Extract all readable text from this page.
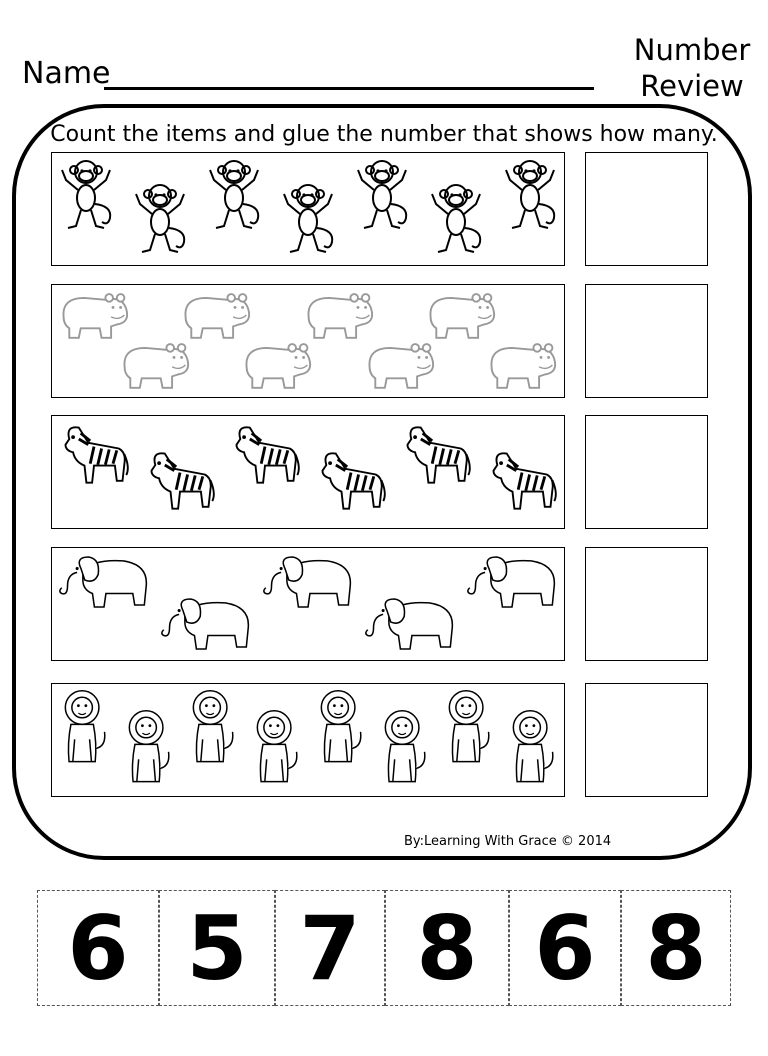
Name
Number
Review
Count the items and glue the number that shows how many.
By:Learning With Grace © 2014
6 5 7 8 6 8
